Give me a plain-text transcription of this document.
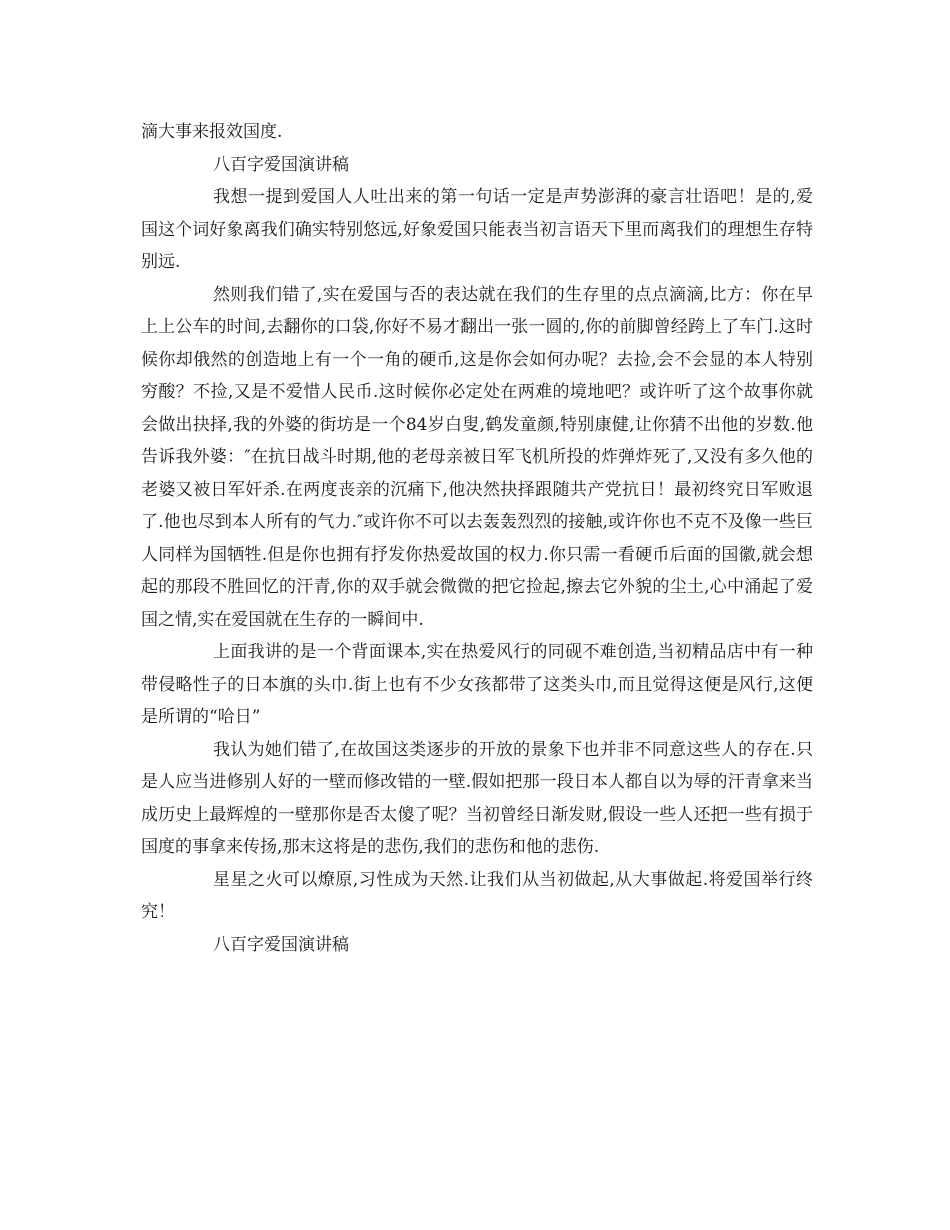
滴大事来报效国度.

八百字爱国演讲稿

我想一提到爱国人人吐出来的第一句话一定是声势澎湃的豪言壮语吧！是的,爱国这个词好象离我们确实特别悠远,好象爱国只能表当初言语天下里而离我们的理想生存特别远.

然则我们错了,实在爱国与否的表达就在我们的生存里的点点滴滴,比方：你在早上上公车的时间,去翻你的口袋,你好不易才翻出一张一圆的,你的前脚曾经跨上了车门.这时候你却俄然的创造地上有一个一角的硬币,这是你会如何办呢？去捡,会不会显的本人特别穷酸？不捡,又是不爱惜人民币.这时候你必定处在两难的境地吧？或许听了这个故事你就会做出抉择,我的外婆的街坊是一个84岁白叟,鹤发童颜,特别康健,让你猜不出他的岁数.他告诉我外婆：″在抗日战斗时期,他的老母亲被日军飞机所投的炸弹炸死了,又没有多久他的老婆又被日军奸杀.在两度丧亲的沉痛下,他决然抉择跟随共产党抗日！最初终究日军败退了.他也尽到本人所有的气力.″或许你不可以去轰轰烈烈的接触,或许你也不克不及像一些巨人同样为国牺牲.但是你也拥有抒发你热爱故国的权力.你只需一看硬币后面的国徽,就会想起的那段不胜回忆的汗青,你的双手就会微微的把它捡起,擦去它外貌的尘土,心中涌起了爱国之情,实在爱国就在生存的一瞬间中.

上面我讲的是一个背面课本,实在热爱风行的同砚不难创造,当初精品店中有一种带侵略性子的日本旗的头巾.街上也有不少女孩都带了这类头巾,而且觉得这便是风行,这便是所谓的“哈日”

我认为她们错了,在故国这类逐步的开放的景象下也并非不同意这些人的存在.只是人应当进修别人好的一壁而修改错的一壁.假如把那一段日本人都自以为辱的汗青拿来当成历史上最辉煌的一壁那你是否太傻了呢？当初曾经日渐发财,假设一些人还把一些有损于国度的事拿来传扬,那末这将是的悲伤,我们的悲伤和他的悲伤.

星星之火可以燎原,习性成为天然.让我们从当初做起,从大事做起.将爱国举行终究！

八百字爱国演讲稿
